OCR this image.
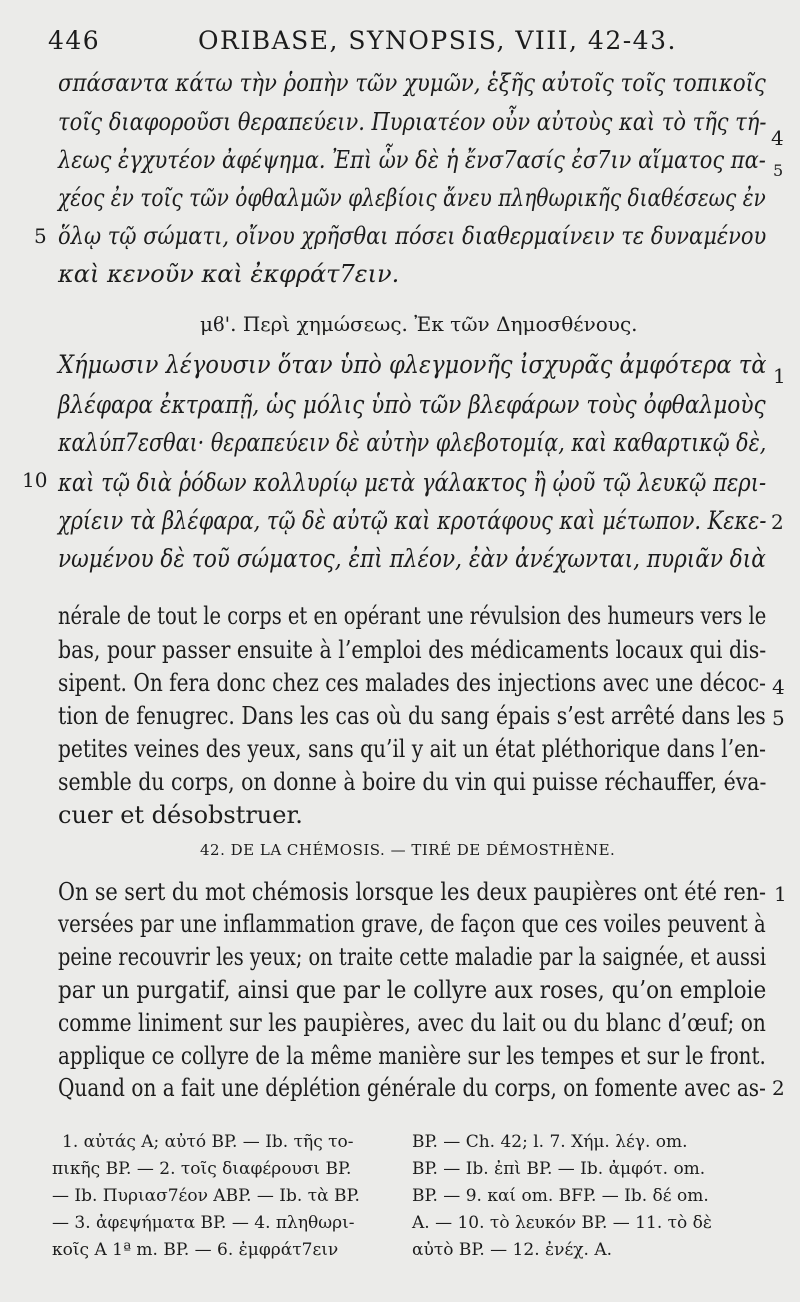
446	ORIBASE, SYNOPSIS, VIII, 42-43.
σπάσαντα κάτω τὴν ῥοπὴν τῶν χυμῶν, ἑξῆς αὐτοῖς τοῖς τοπικοῖς
τοῖς διαφοροῦσι θεραπεύειν. Πυριατέον οὖν αὐτοὺς καὶ τὸ τῆς τή-
λεως ἐγχυτέον ἀφέψημα. Ἐπὶ ὧν δὲ ἡ ἔνσ7ασίς ἐσ7ιν αἵματος πα-
χέος ἐν τοῖς τῶν ὀφθαλμῶν φλεβίοις ἄνευ πληθωρικῆς διαθέσεως ἐν
ὅλῳ τῷ σώματι, οἴνου χρῆσθαι πόσει διαθερμαίνειν τε δυναμένου
καὶ κενοῦν καὶ ἐκφράτ7ειν.
5
4
5
μϐ'. Περὶ χημώσεως. Ἐκ τῶν Δημοσθένους.
Χήμωσιν λέγουσιν ὅταν ὑπὸ φλεγμονῆς ἰσχυρᾶς ἀμφότερα τὰ
βλέφαρα ἐκτραπῇ, ὡς μόλις ὑπὸ τῶν βλεφάρων τοὺς ὀφθαλμοὺς
καλύπ7εσθαι· θεραπεύειν δὲ αὐτὴν φλεβοτομίᾳ, καὶ καθαρτικῷ δὲ,
καὶ τῷ διὰ ῥόδων κολλυρίῳ μετὰ γάλακτος ἢ ᾠοῦ τῷ λευκῷ περι-
χρίειν τὰ βλέφαρα, τῷ δὲ αὐτῷ καὶ κροτάφους καὶ μέτωπον. Κεκε-
νωμένου δὲ τοῦ σώματος, ἐπὶ πλέον, ἐὰν ἀνέχωνται, πυριᾶν διὰ
10
1
2
nérale de tout le corps et en opérant une révulsion des humeurs vers le
bas, pour passer ensuite à l’emploi des médicaments locaux qui dis-
sipent. On fera donc chez ces malades des injections avec une décoc-
tion de fenugrec. Dans les cas où du sang épais s’est arrêté dans les
petites veines des yeux, sans qu’il y ait un état pléthorique dans l’en-
semble du corps, on donne à boire du vin qui puisse réchauffer, éva-
cuer et désobstruer.
4
5
42. DE LA CHÉMOSIS. — TIRÉ DE DÉMOSTHÈNE.
On se sert du mot chémosis lorsque les deux paupières ont été ren-
versées par une inflammation grave, de façon que ces voiles peuvent à
peine recouvrir les yeux; on traite cette maladie par la saignée, et aussi
par un purgatif, ainsi que par le collyre aux roses, qu’on emploie
comme liniment sur les paupières, avec du lait ou du blanc d’œuf; on
applique ce collyre de la même manière sur les tempes et sur le front.
Quand on a fait une déplétion générale du corps, on fomente avec as-
1
2
1. αὐτάς A; αὐτό BP. — Ib. τῆς το-
πικῆς BP. — 2. τοῖς διαφέρουσι BP.
— Ib. Πυριασ7έον ABP. — Ib. τὰ BP.
— 3. ἀφεψήματα BP. — 4. πληθωρι-
κοῖς A 1ª m. BP. — 6. ἐμφράτ7ειν
BP. — Ch. 42; l. 7. Χήμ. λέγ. om.
BP. — Ib. ἐπὶ BP. — Ib. ἀμφότ. om.
BP. — 9. καί om. BFP. — Ib. δέ om.
A. — 10. τὸ λευκόν BP. — 11. τὸ δὲ
αὐτὸ BP. — 12. ἐνέχ. A.
